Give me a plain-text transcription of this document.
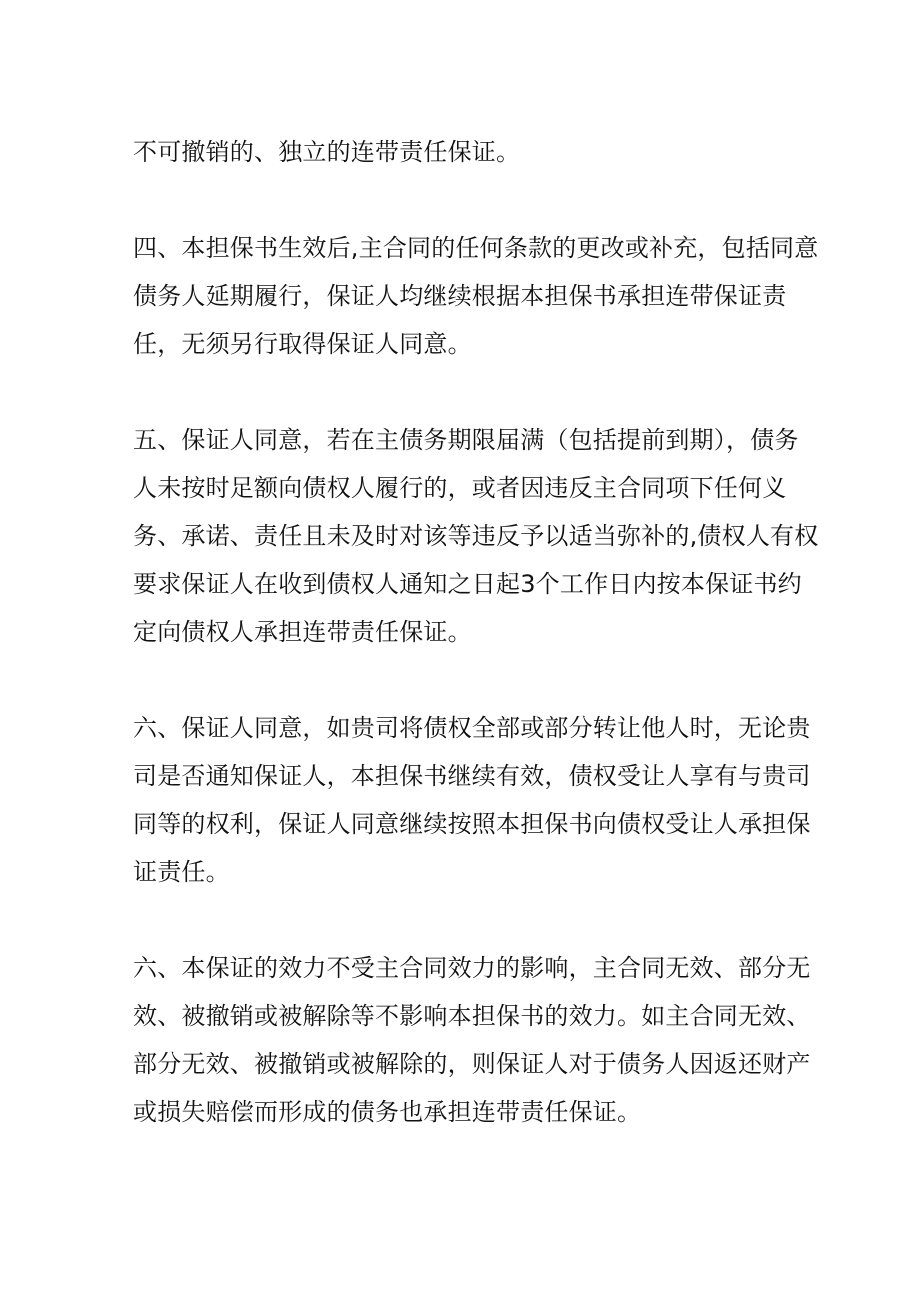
不可撤销的、独立的连带责任保证。

四、本担保书生效后,主合同的任何条款的更改或补充，包括同意
债务人延期履行，保证人均继续根据本担保书承担连带保证责
任，无须另行取得保证人同意。

五、保证人同意，若在主债务期限届满（包括提前到期），债务
人未按时足额向债权人履行的，或者因违反主合同项下任何义
务、承诺、责任且未及时对该等违反予以适当弥补的,债权人有权
要求保证人在收到债权人通知之日起3个工作日内按本保证书约
定向债权人承担连带责任保证。

六、保证人同意，如贵司将债权全部或部分转让他人时，无论贵
司是否通知保证人，本担保书继续有效，债权受让人享有与贵司
同等的权利，保证人同意继续按照本担保书向债权受让人承担保
证责任。

六、本保证的效力不受主合同效力的影响，主合同无效、部分无
效、被撤销或被解除等不影响本担保书的效力。如主合同无效、
部分无效、被撤销或被解除的，则保证人对于债务人因返还财产
或损失赔偿而形成的债务也承担连带责任保证。
